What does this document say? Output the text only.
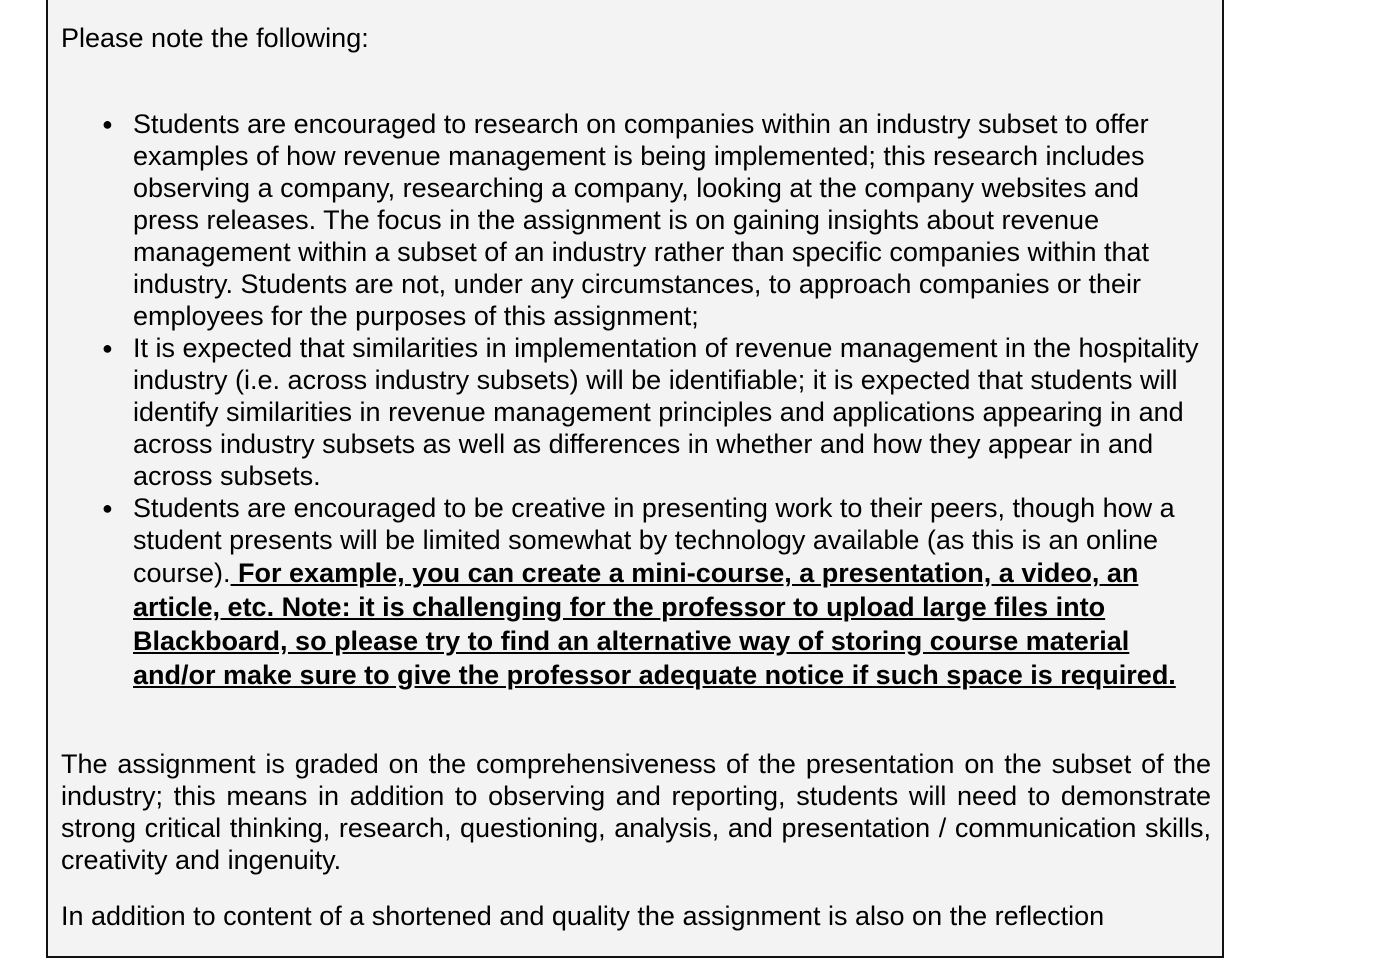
Please note the following:

● Students are encouraged to research on companies within an industry subset to offer examples of how revenue management is being implemented; this research includes observing a company, researching a company, looking at the company websites and press releases. The focus in the assignment is on gaining insights about revenue management within a subset of an industry rather than specific companies within that industry. Students are not, under any circumstances, to approach companies or their employees for the purposes of this assignment;
● It is expected that similarities in implementation of revenue management in the hospitality industry (i.e. across industry subsets) will be identifiable; it is expected that students will identify similarities in revenue management principles and applications appearing in and across industry subsets as well as differences in whether and how they appear in and across subsets.
● Students are encouraged to be creative in presenting work to their peers, though how a student presents will be limited somewhat by technology available (as this is an online course). For example, you can create a mini-course, a presentation, a video, an article, etc. Note: it is challenging for the professor to upload large files into Blackboard, so please try to find an alternative way of storing course material and/or make sure to give the professor adequate notice if such space is required.

The assignment is graded on the comprehensiveness of the presentation on the subset of the industry; this means in addition to observing and reporting, students will need to demonstrate strong critical thinking, research, questioning, analysis, and presentation / communication skills, creativity and ingenuity.

In addition to content of a shortened and quality the assignment is also on the reflection
